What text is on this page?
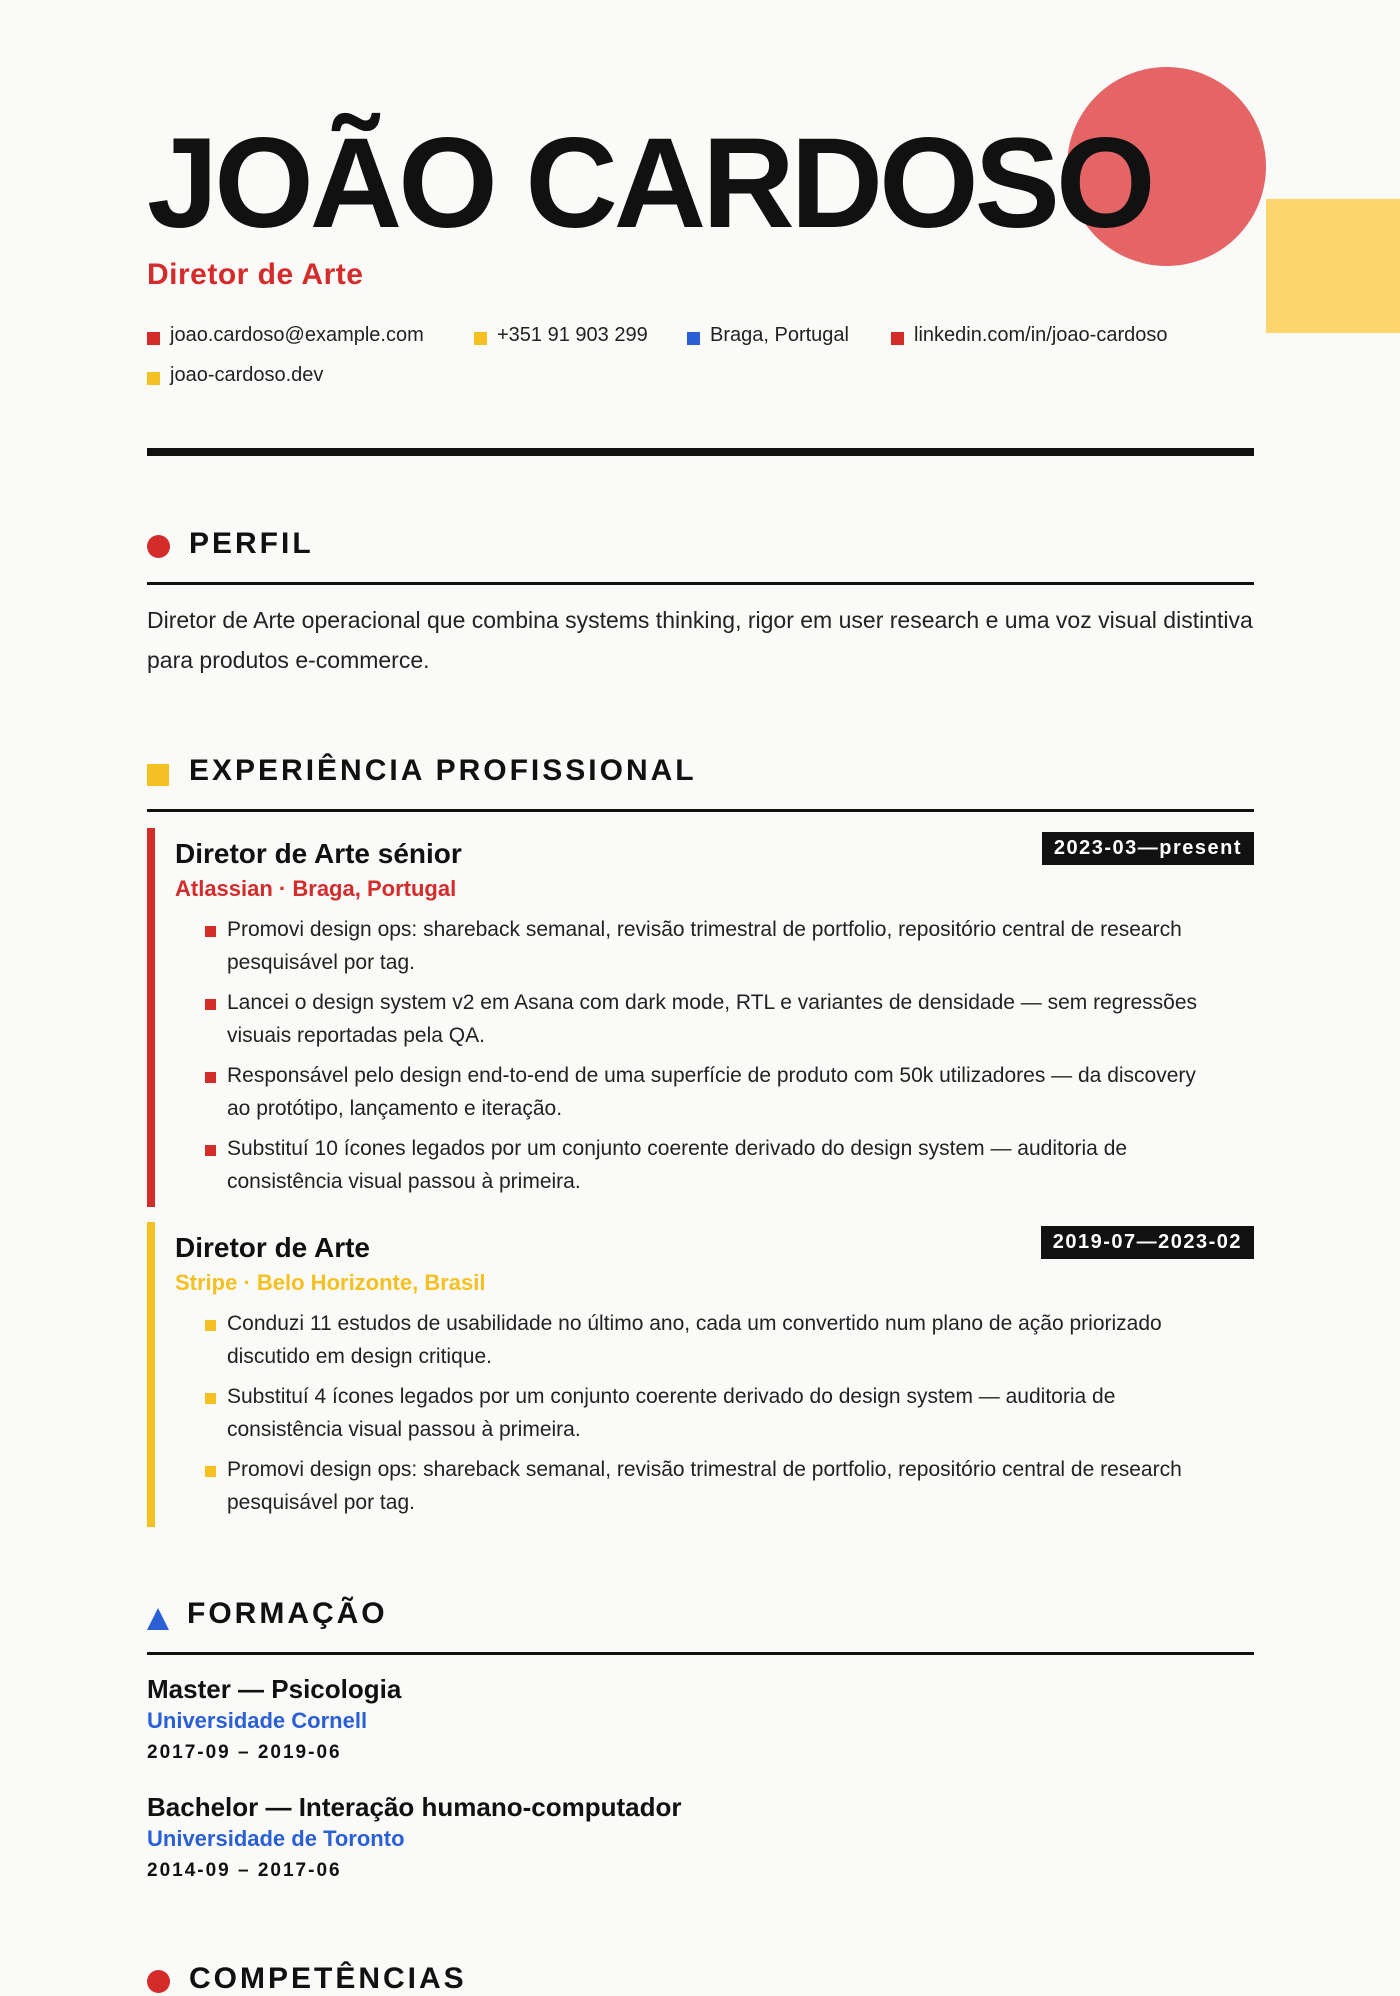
JOÃO CARDOSO
Diretor de Arte
joao.cardoso@example.com	+351 91 903 299	Braga, Portugal	linkedin.com/in/joao-cardoso
joao-cardoso.dev
PERFIL
Diretor de Arte operacional que combina systems thinking, rigor em user research e uma voz visual distintiva para produtos e-commerce.
EXPERIÊNCIA PROFISSIONAL
Diretor de Arte sénior	2023-03—present
Atlassian · Braga, Portugal
Promovi design ops: shareback semanal, revisão trimestral de portfolio, repositório central de research pesquisável por tag.
Lancei o design system v2 em Asana com dark mode, RTL e variantes de densidade — sem regressões visuais reportadas pela QA.
Responsável pelo design end-to-end de uma superfície de produto com 50k utilizadores — da discovery ao protótipo, lançamento e iteração.
Substituí 10 ícones legados por um conjunto coerente derivado do design system — auditoria de consistência visual passou à primeira.
Diretor de Arte	2019-07—2023-02
Stripe · Belo Horizonte, Brasil
Conduzi 11 estudos de usabilidade no último ano, cada um convertido num plano de ação priorizado discutido em design critique.
Substituí 4 ícones legados por um conjunto coerente derivado do design system — auditoria de consistência visual passou à primeira.
Promovi design ops: shareback semanal, revisão trimestral de portfolio, repositório central de research pesquisável por tag.
FORMAÇÃO
Master — Psicologia
Universidade Cornell
2017-09 – 2019-06
Bachelor — Interação humano-computador
Universidade de Toronto
2014-09 – 2017-06
COMPETÊNCIAS
